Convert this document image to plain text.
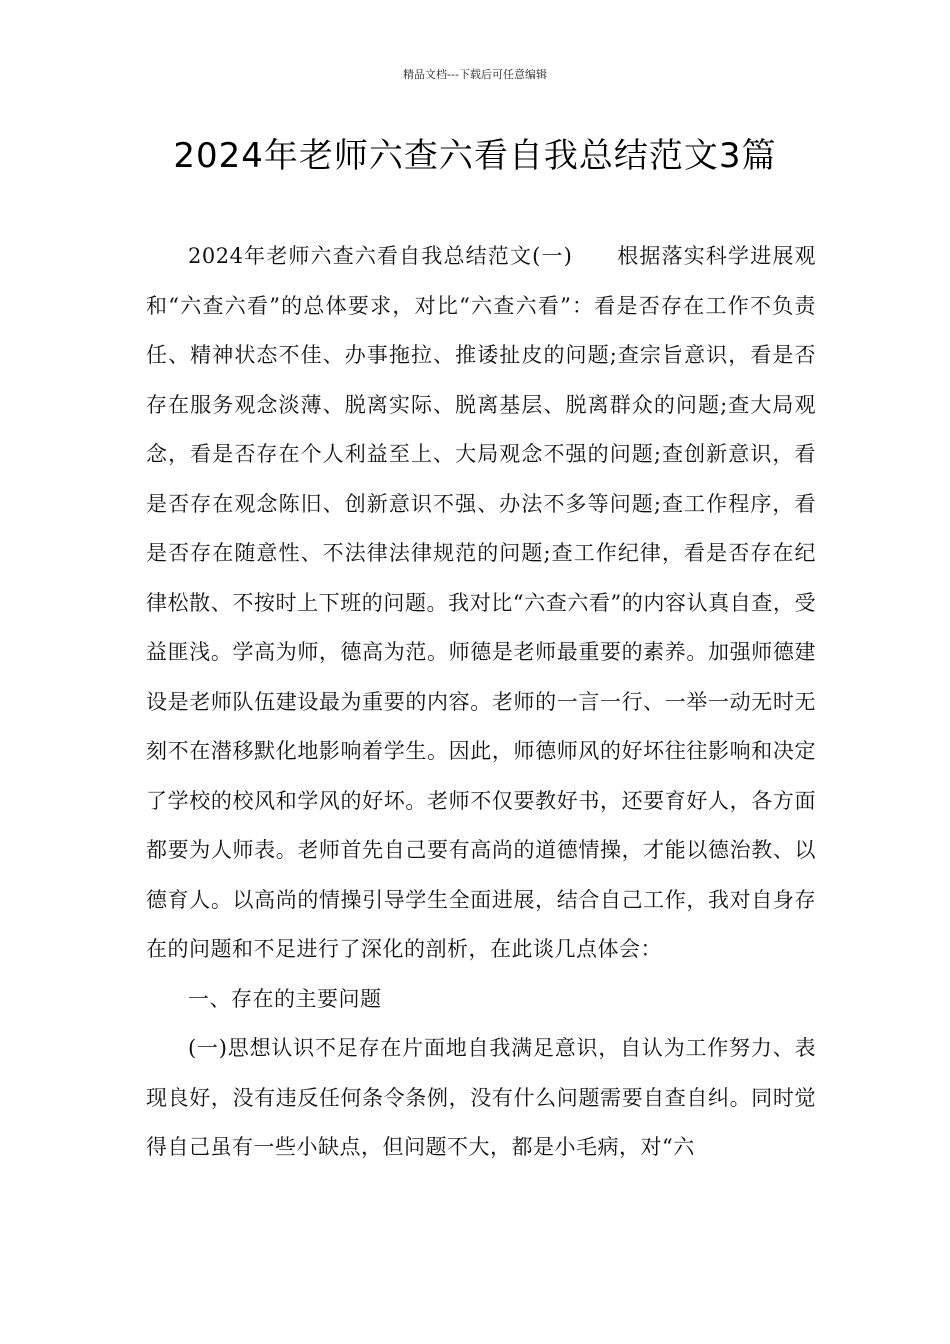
精品文档---下载后可任意编辑
2024年老师六查六看自我总结范文3篇

2024年老师六查六看自我总结范文(一)　　根据落实科学进展观和“六查六看”的总体要求，对比“六查六看”：看是否存在工作不负责任、精神状态不佳、办事拖拉、推诿扯皮的问题;查宗旨意识，看是否存在服务观念淡薄、脱离实际、脱离基层、脱离群众的问题;查大局观念，看是否存在个人利益至上、大局观念不强的问题;查创新意识，看是否存在观念陈旧、创新意识不强、办法不多等问题;查工作程序，看是否存在随意性、不法律法律规范的问题;查工作纪律，看是否存在纪律松散、不按时上下班的问题。我对比“六查六看”的内容认真自查，受益匪浅。学高为师，德高为范。师德是老师最重要的素养。加强师德建设是老师队伍建设最为重要的内容。老师的一言一行、一举一动无时无刻不在潜移默化地影响着学生。因此，师德师风的好坏往往影响和决定了学校的校风和学风的好坏。老师不仅要教好书，还要育好人，各方面都要为人师表。老师首先自己要有高尚的道德情操，才能以德治教、以德育人。以高尚的情操引导学生全面进展，结合自己工作，我对自身存在的问题和不足进行了深化的剖析，在此谈几点体会：

一、存在的主要问题

(一)思想认识不足存在片面地自我满足意识，自认为工作努力、表现良好，没有违反任何条令条例，没有什么问题需要自查自纠。同时觉得自己虽有一些小缺点，但问题不大，都是小毛病，对“六
